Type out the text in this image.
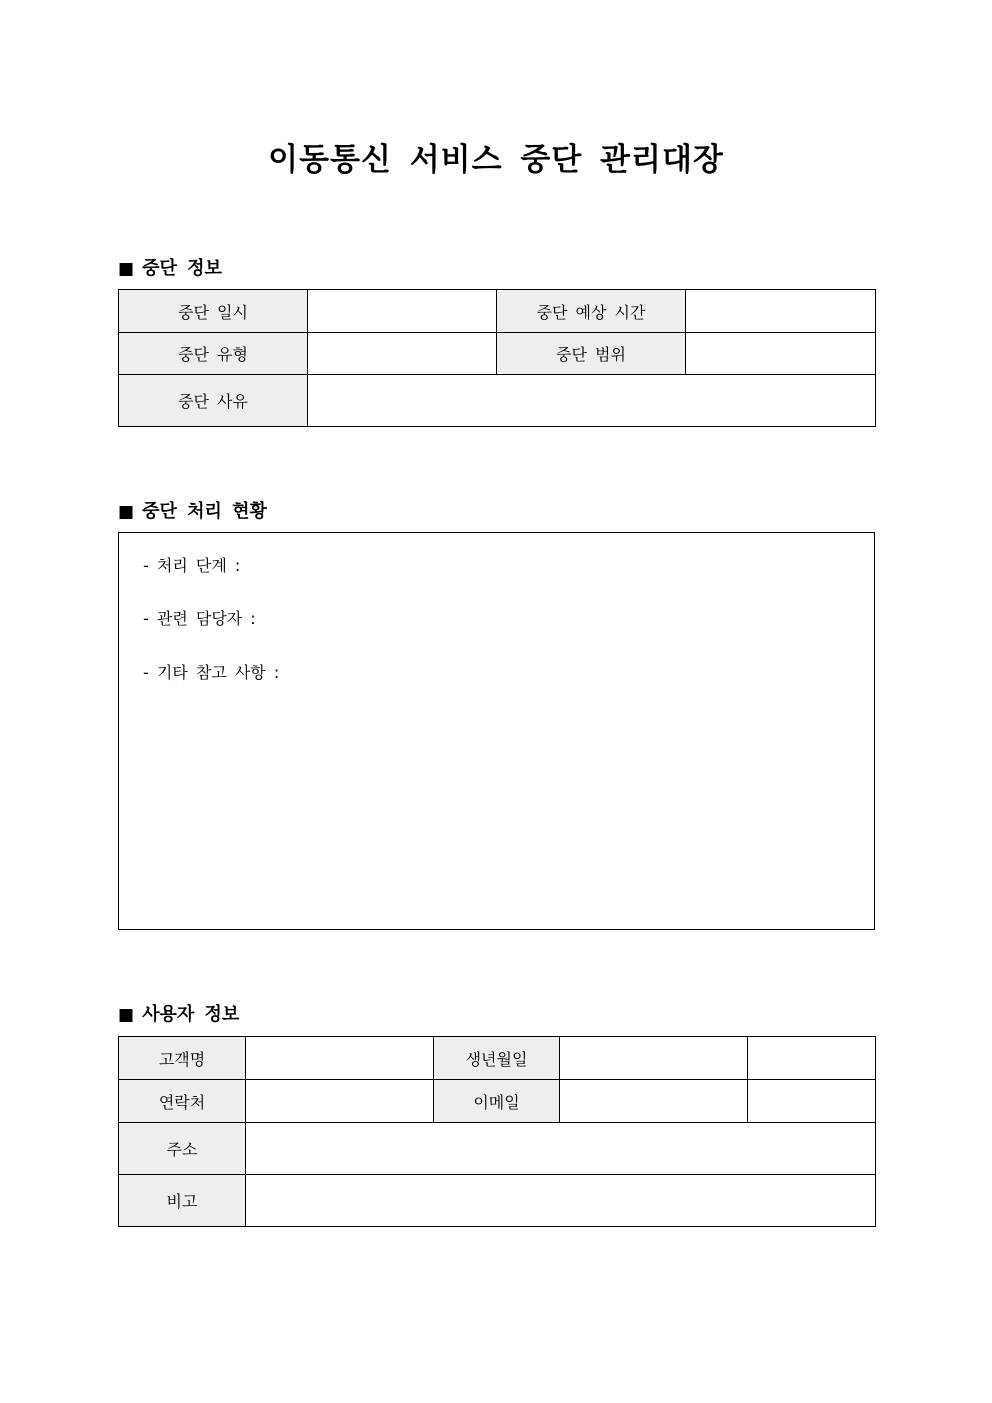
이동통신 서비스 중단 관리대장
■ 중단 정보
중단 일시		중단 예상 시간	
중단 유형		중단 범위	
중단 사유			
■ 중단 처리 현황
- 처리 단계 :
- 관련 담당자 :
- 기타 참고 사항 :
■ 사용자 정보
고객명		생년월일		
연락처		이메일		
주소				
비고				
